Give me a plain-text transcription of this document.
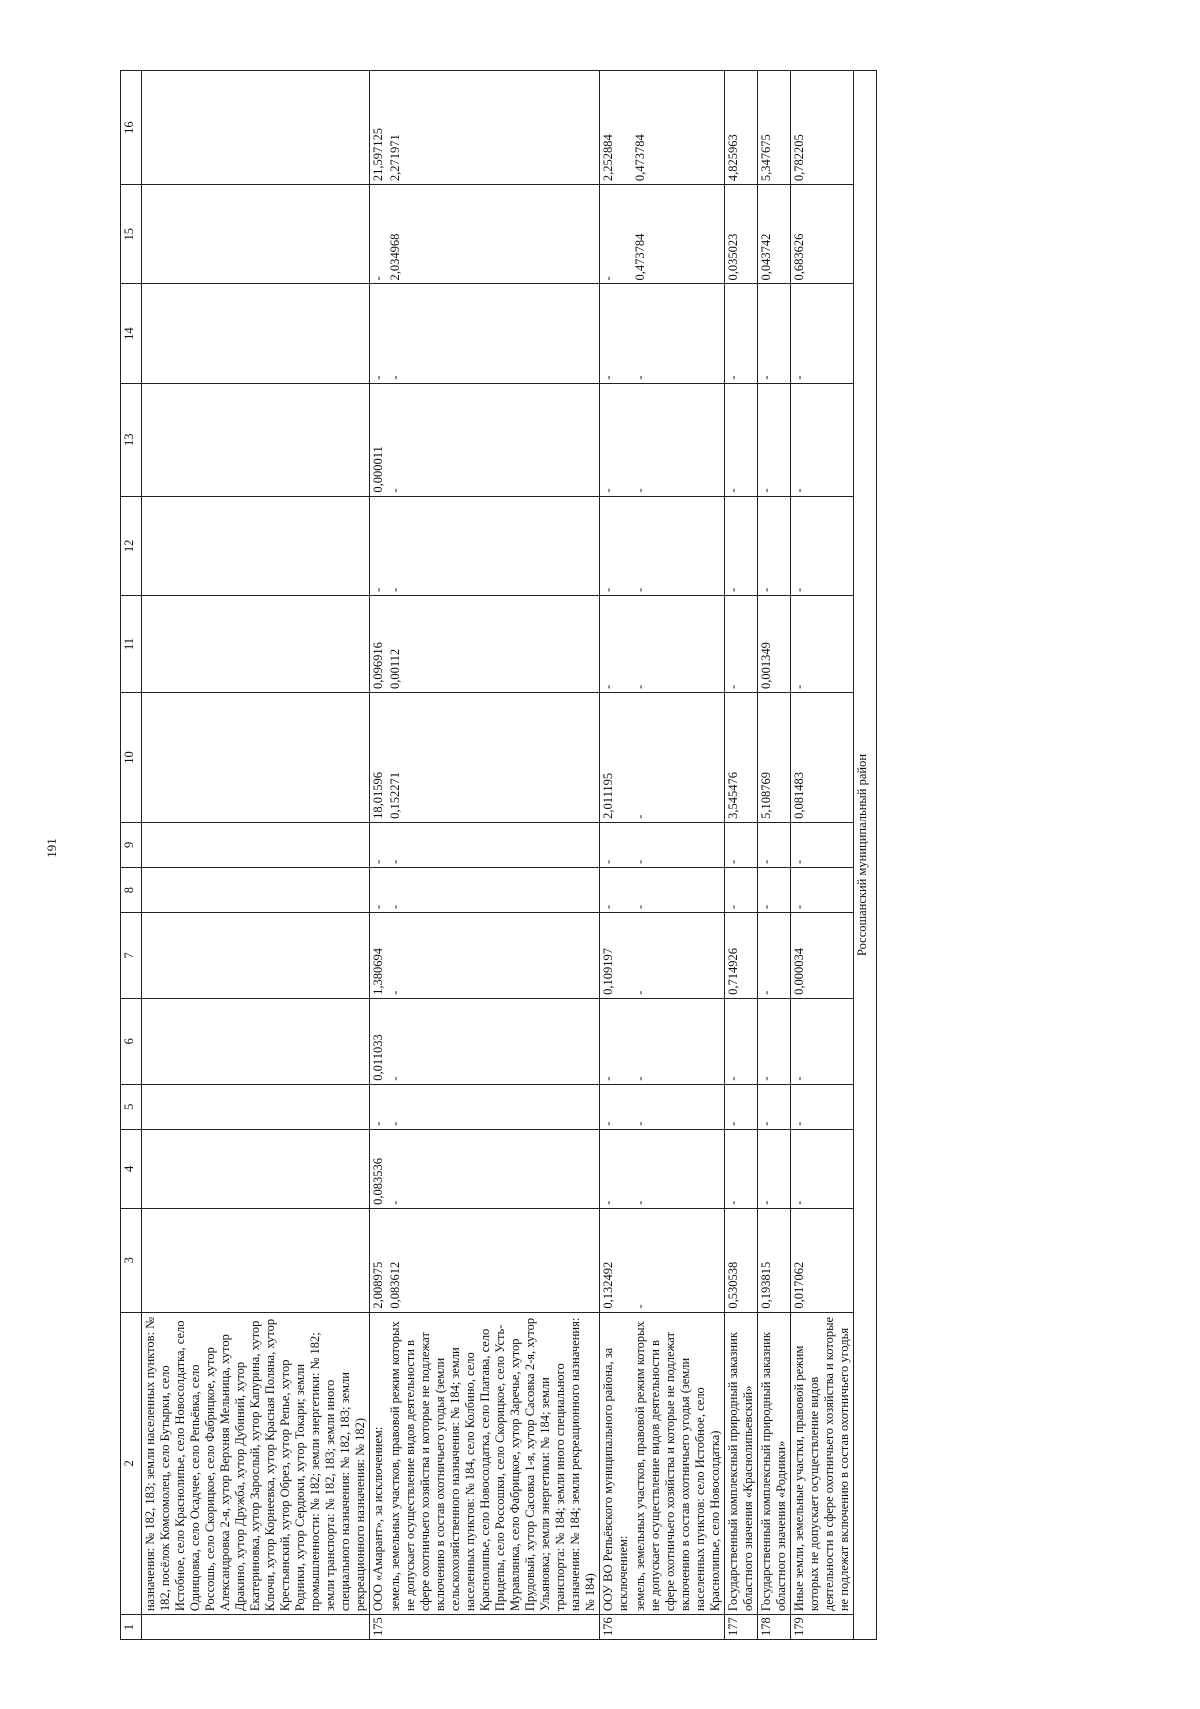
191
1	2	3	4	5	6	7	8	9	10	11	12	13	14	15	16
	назначения: № 182, 183; земли населенных пунктов: № 182, посёлок Комсомолец, село Бутырки, село Истобное, село Краснолипье, село Новосолдатка, село Одинцовка, село Осадчее, село Репьёвка, село Россошь, село Скорицкое, село Фабрицкое, хутор Александровка 2-я, хутор Верхняя Мельница, хутор Дракино, хутор Дружба, хутор Дубиний, хутор Екатериновка, хутор Зарослый, хутор Капурина, хутор Ключи, хутор Корнеевка, хутор Красная Поляна, хутор Крестьянский, хутор Обрез, хутор Репье, хутор Родники, хутор Сердюки, хутор Токари; земли промышленности: № 182; земли энергетики: № 182; земли транспорта: № 182, 183; земли иного специального назначения: № 182, 183; земли рекреационного назначения: № 182)														
175	ООО «Амарант», за исключением:	2,008975	0,083536	-	0,011033	1,380694	-	-	18,01596	0,096916	-	0,000011	-	-	21,597125
	земель, земельных участков, правовой режим которых не допускает осуществление видов деятельности в сфере охотничьего хозяйства и которые не подлежат включению в состав охотничьего угодья (земли сельскохозяйственного назначения: № 184; земли населенных пунктов: № 184, село Колбино, село Краснолипье, село Новосолдатка, село Платава, село Придепы, село Россошки, село Скорицкое, село Усть-Муравлянка, село Фабрицкое, хутор Заречье, хутор Прудовый, хутор Сасовка 1-я, хутор Сасовка 2-я, хутор Ульяновка; земли энергетики: № 184; земли транспорта: № 184; земли иного специального назначения: № 184; земли рекреационного назначения: № 184)	0,083612	-	-	-	-	-	-	0,152271	0,00112	-	-	-	2,034968	2,271971
176	ООУ ВО Репьёвского муниципального района, за исключением:	0,132492	-	-	-	0,109197	-	-	2,011195	-	-	-	-	-	2,252884
	земель, земельных участков, правовой режим которых не допускает осуществление видов деятельности в сфере охотничьего хозяйства и которые не подлежат включению в состав охотничьего угодья (земли населенных пунктов: село Истобное, село Краснолипье, село Новосолдатка)	-	-	-	-	-	-	-	-	-	-	-	-	0,473784	0,473784
177	Государственный комплексный природный заказник областного значения «Краснолипьевский»	0,530538	-	-	-	0,714926	-	-	3,545476	-	-	-	-	0,035023	4,825963
178	Государственный комплексный природный заказник областного значения «Родники»	0,193815	-	-	-	-	-	-	5,108769	0,001349	-	-	-	0,043742	5,347675
179	Иные земли, земельные участки, правовой режим которых не допускает осуществление видов деятельности в сфере охотничьего хозяйства и которые не подлежат включению в состав охотничьего угодья	0,017062	-	-	-	0,000034	-	-	0,081483	-	-	-	-	0,683626	0,782205
Россошанский муниципальный район															
